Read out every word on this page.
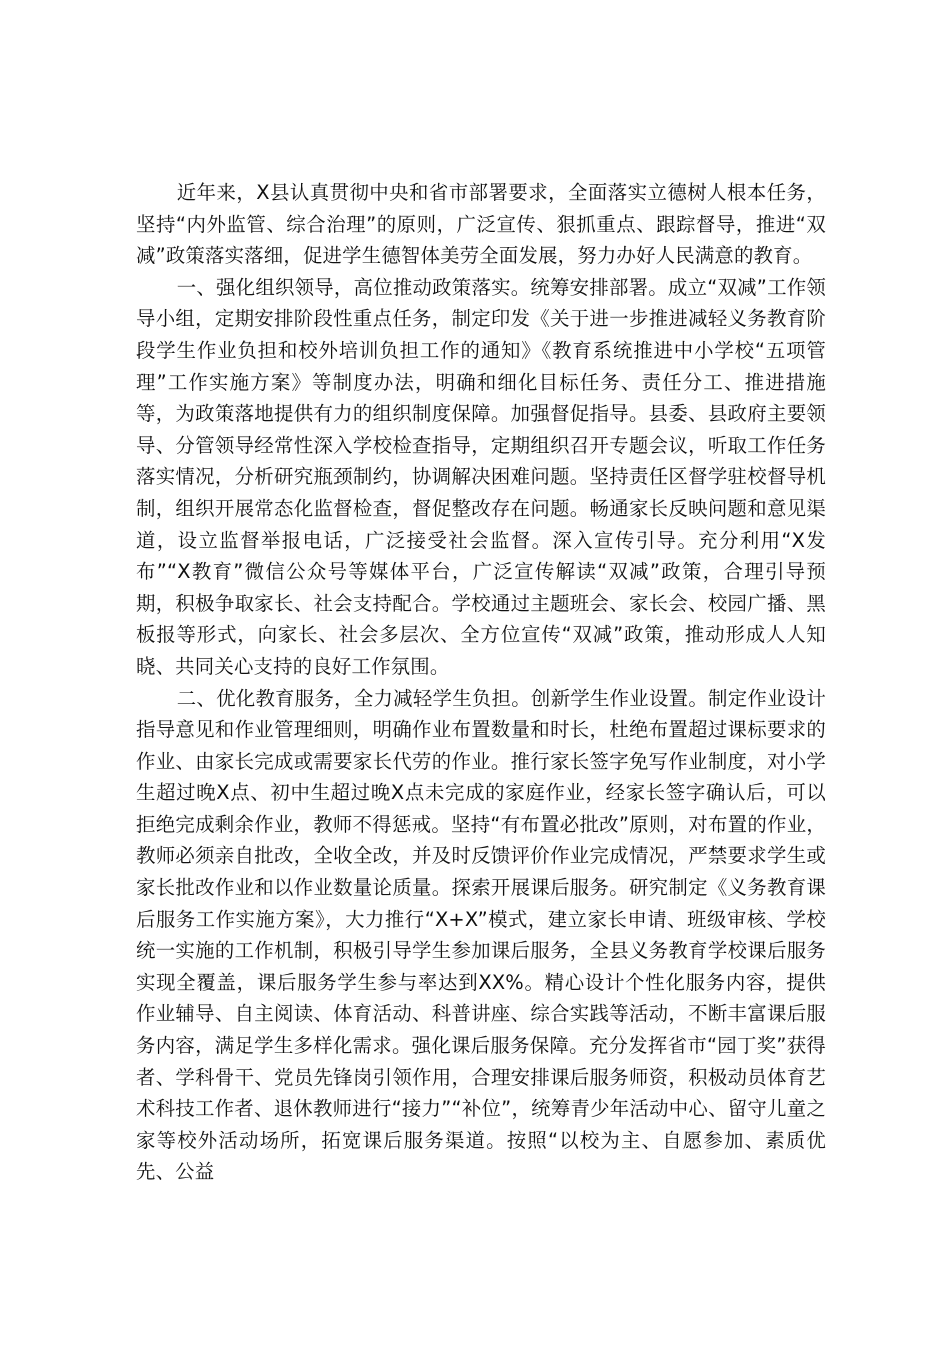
近年来，X县认真贯彻中央和省市部署要求，全面落实立德树人根本任务，坚持“内外监管、综合治理”的原则，广泛宣传、狠抓重点、跟踪督导，推进“双减”政策落实落细，促进学生德智体美劳全面发展，努力办好人民满意的教育。

一、强化组织领导，高位推动政策落实。统筹安排部署。成立“双减”工作领导小组，定期安排阶段性重点任务，制定印发《关于进一步推进减轻义务教育阶段学生作业负担和校外培训负担工作的通知》《教育系统推进中小学校“五项管理”工作实施方案》等制度办法，明确和细化目标任务、责任分工、推进措施等，为政策落地提供有力的组织制度保障。加强督促指导。县委、县政府主要领导、分管领导经常性深入学校检查指导，定期组织召开专题会议，听取工作任务落实情况，分析研究瓶颈制约，协调解决困难问题。坚持责任区督学驻校督导机制，组织开展常态化监督检查，督促整改存在问题。畅通家长反映问题和意见渠道，设立监督举报电话，广泛接受社会监督。深入宣传引导。充分利用“X发布”“X教育”微信公众号等媒体平台，广泛宣传解读“双减”政策，合理引导预期，积极争取家长、社会支持配合。学校通过主题班会、家长会、校园广播、黑板报等形式，向家长、社会多层次、全方位宣传“双减”政策，推动形成人人知晓、共同关心支持的良好工作氛围。

二、优化教育服务，全力减轻学生负担。创新学生作业设置。制定作业设计指导意见和作业管理细则，明确作业布置数量和时长，杜绝布置超过课标要求的作业、由家长完成或需要家长代劳的作业。推行家长签字免写作业制度，对小学生超过晚X点、初中生超过晚X点未完成的家庭作业，经家长签字确认后，可以拒绝完成剩余作业，教师不得惩戒。坚持“有布置必批改”原则，对布置的作业，教师必须亲自批改，全收全改，并及时反馈评价作业完成情况，严禁要求学生或家长批改作业和以作业数量论质量。探索开展课后服务。研究制定《义务教育课后服务工作实施方案》，大力推行“X+X”模式，建立家长申请、班级审核、学校统一实施的工作机制，积极引导学生参加课后服务，全县义务教育学校课后服务实现全覆盖，课后服务学生参与率达到XX%。精心设计个性化服务内容，提供作业辅导、自主阅读、体育活动、科普讲座、综合实践等活动，不断丰富课后服务内容，满足学生多样化需求。强化课后服务保障。充分发挥省市“园丁奖”获得者、学科骨干、党员先锋岗引领作用，合理安排课后服务师资，积极动员体育艺术科技工作者、退休教师进行“接力”“补位”，统筹青少年活动中心、留守儿童之家等校外活动场所，拓宽课后服务渠道。按照“以校为主、自愿参加、素质优先、公益
